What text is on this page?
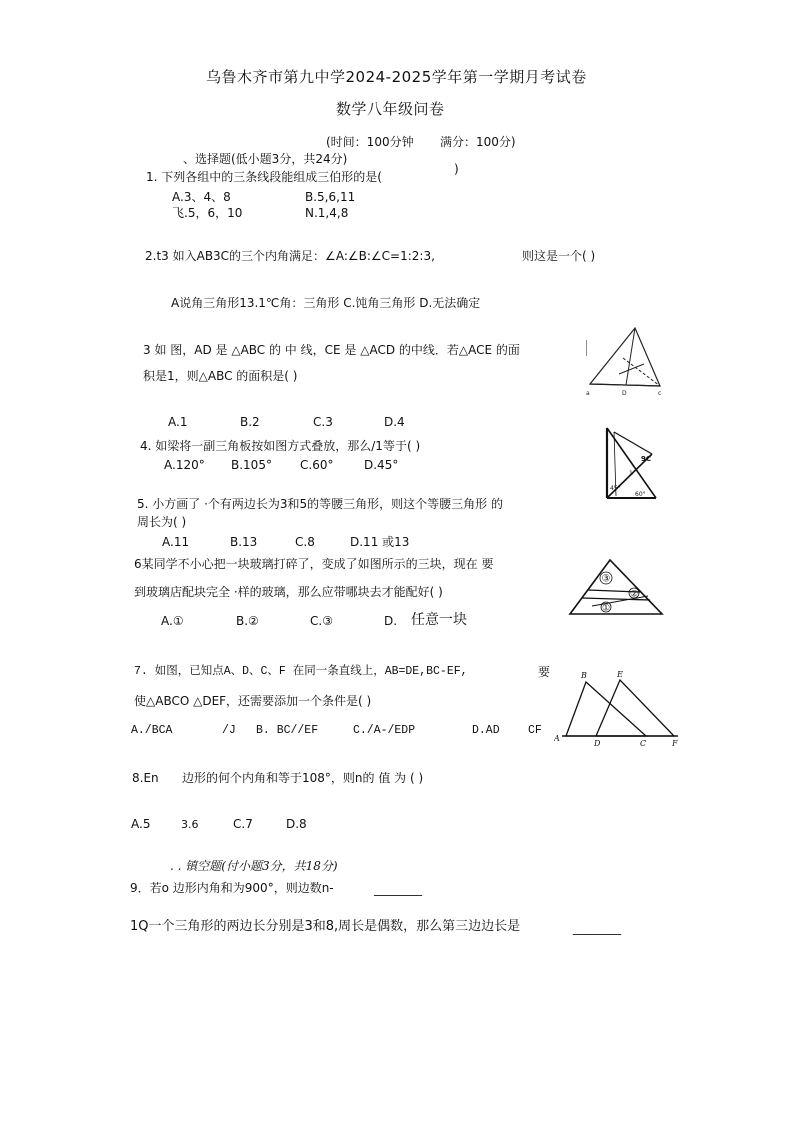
乌鲁木齐市第九中学2024-2025学年第一学期月考试卷
数学八年级问卷
(时间：100分钟 满分：100分)
、选择题(低小题3分，共24分)
)
1. 下列各组中的三条线段能组成三伯形的是(
A.3、4、8	B.5,6,11
飞.5，6，10	N.1,4,8
2.t3 如入AB3C的三个内角满足：∠A:∠B:∠C=1:2:3,	则这是一个( )
A说角三角形13.1℃角：三角形 C.饨角三角形 D.无法确定
3 如 图，AD 是 △ABC 的 中 线，CE 是 △ACD 的中线．若△ACE 的面
积是1，则△ABC 的面积是( )
A.1	B.2	C.3	D.4
a	D	c
4. 如梁将一副三角板按如图方式叠放，那么/1等于( )
A.120° B.105° C.60°	D.45°	9C
1
45°
60°
5. 小方画了 ·个有两边长为3和5的等腰三角形，则这个等腰三角形 的
周长为( )
A.11	B.13	C.8	D.11 或13
6某同学不小心把一块玻璃打碎了，变成了如图所示的三块，现在 要
到玻璃店配块完全 ·样的玻璃，那么应带哪块去才能配好( )
A.①	B.②	C.③	D. 任意一块
③
②
①
7. 如图，已知点A、D、C、F 在同一条直线上，AB=DE,BC-EF,	要
使△ABCO △DEF，还需要添加一个条件是( )
A./BCA	/J B. BC//EF	C./A-/EDP	D.AD CF
B	E
A
D	C	F
8.En 边形的何个内角和等于108°，则n的 值 为 ( )
A.5	3.6	C.7	D.8
. . 镇空题(付小题3分，共18分)
9．若o 边形内角和为900°，则边数n-	________
1Q一个三角形的两边长分别是3和8,周长是偶数，那么第三边边长是	________
